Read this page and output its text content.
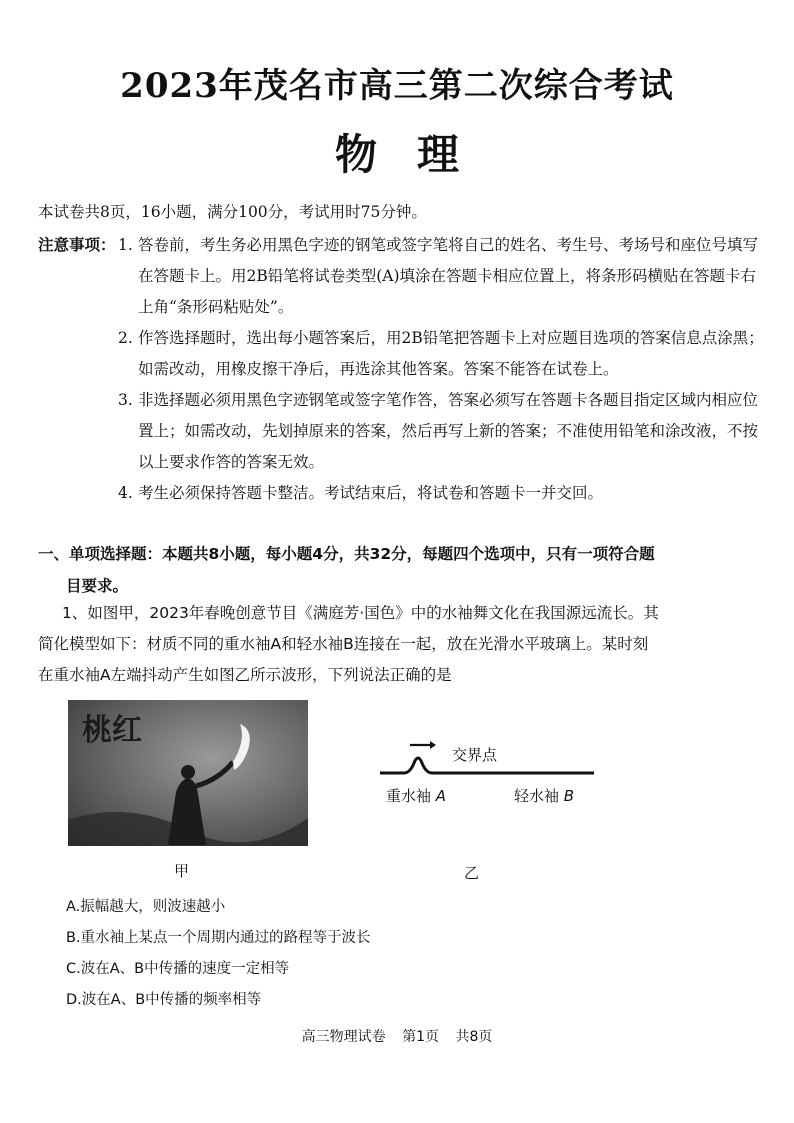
2023年茂名市高三第二次综合考试
物理
本试卷共8页，16小题，满分100分，考试用时75分钟。
注意事项： 1. 答卷前，考生务必用黑色字迹的钢笔或签字笔将自己的姓名、考生号、考场号和座位号填写在答题卡上。用2B铅笔将试卷类型(A)填涂在答题卡相应位置上，将条形码横贴在答题卡右上角“条形码粘贴处”。
2. 作答选择题时，选出每小题答案后，用2B铅笔把答题卡上对应题目选项的答案信息点涂黑；如需改动，用橡皮擦干净后，再选涂其他答案。答案不能答在试卷上。
3. 非选择题必须用黑色字迹钢笔或签字笔作答，答案必须写在答题卡各题目指定区域内相应位置上；如需改动，先划掉原来的答案，然后再写上新的答案；不准使用铅笔和涂改液，不按以上要求作答的答案无效。
4. 考生必须保持答题卡整洁。考试结束后，将试卷和答题卡一并交回。
一、单项选择题：本题共8小题，每小题4分，共32分，每题四个选项中，只有一项符合题
目要求。
1、如图甲，2023年春晚创意节目《满庭芳·国色》中的水袖舞文化在我国源远流长。其
简化模型如下：材质不同的重水袖A和轻水袖B连接在一起，放在光滑水平玻璃上。某时刻
在重水袖A左端抖动产生如图乙所示波形，下列说法正确的是
桃红
甲
交界点
重水袖 A	轻水袖 B
乙
A.振幅越大，则波速越小
B.重水袖上某点一个周期内通过的路程等于波长
C.波在A、B中传播的速度一定相等
D.波在A、B中传播的频率相等
高三物理试卷 第1页 共8页
